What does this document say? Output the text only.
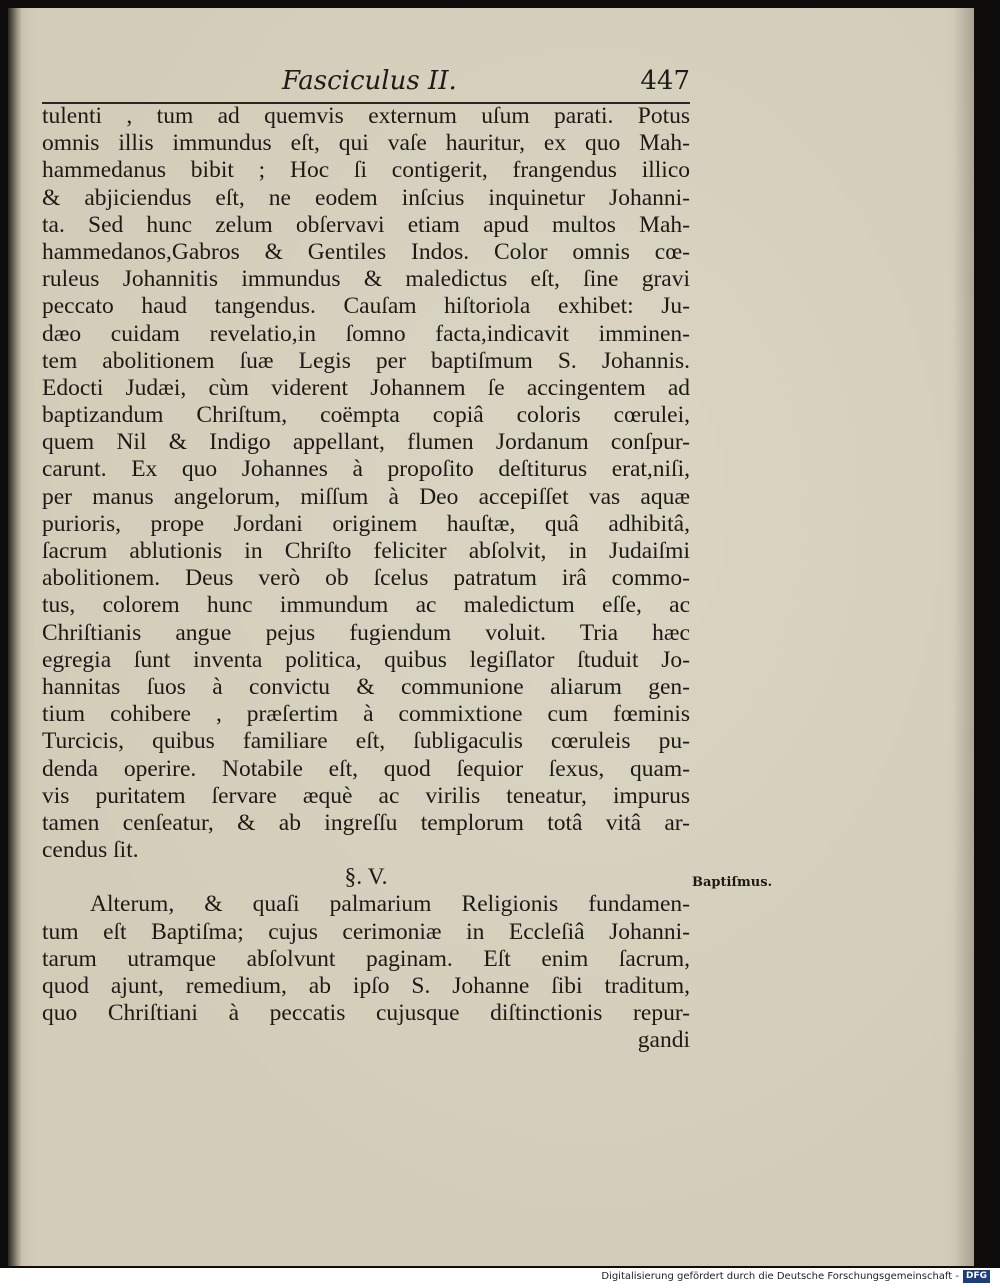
Fasciculus II.	447
tulenti , tum ad quemvis externum uſum parati. Potus
omnis illis immundus eſt, qui vaſe hauritur, ex quo Mah-
hammedanus bibit ; Hoc ſi contigerit, frangendus illico
& abjiciendus eſt, ne eodem inſcius inquinetur Johanni-
ta. Sed hunc zelum obſervavi etiam apud multos Mah-
hammedanos,Gabros & Gentiles Indos. Color omnis cœ-
ruleus Johannitis immundus & maledictus eſt, ſine gravi
peccato haud tangendus. Cauſam hiſtoriola exhibet: Ju-
dæo cuidam revelatio,in ſomno facta,indicavit imminen-
tem abolitionem ſuæ Legis per baptiſmum S. Johannis.
Edocti Judæi, cùm viderent Johannem ſe accingentem ad
baptizandum Chriſtum, coëmpta copiâ coloris cœrulei,
quem Nil & Indigo appellant, flumen Jordanum conſpur-
carunt. Ex quo Johannes à propoſito deſtiturus erat,niſi,
per manus angelorum, miſſum à Deo accepiſſet vas aquæ
purioris, prope Jordani originem hauſtæ, quâ adhibitâ,
ſacrum ablutionis in Chriſto feliciter abſolvit, in Judaiſmi
abolitionem. Deus verò ob ſcelus patratum irâ commo-
tus, colorem hunc immundum ac maledictum eſſe, ac
Chriſtianis angue pejus fugiendum voluit. Tria hæc
egregia ſunt inventa politica, quibus legiſlator ſtuduit Jo-
hannitas ſuos à convictu & communione aliarum gen-
tium cohibere , præſertim à commixtione cum fœminis
Turcicis, quibus familiare eſt, ſubligaculis cœruleis pu-
denda operire. Notabile eſt, quod ſequior ſexus, quam-
vis puritatem ſervare æquè ac virilis teneatur, impurus
tamen cenſeatur, & ab ingreſſu templorum totâ vitâ ar-
cendus ſit.
§. V.
Alterum, & quaſi palmarium Religionis fundamen-
tum eſt Baptiſma; cujus cerimoniæ in Eccleſiâ Johanni-
tarum utramque abſolvunt paginam. Eſt enim ſacrum,
quod ajunt, remedium, ab ipſo S. Johanne ſibi traditum,
quo Chriſtiani à peccatis cujusque diſtinctionis repur-
gandi
Baptiſmus.
Digitalisierung gefördert durch die Deutsche Forschungsgemeinschaft - DFG
